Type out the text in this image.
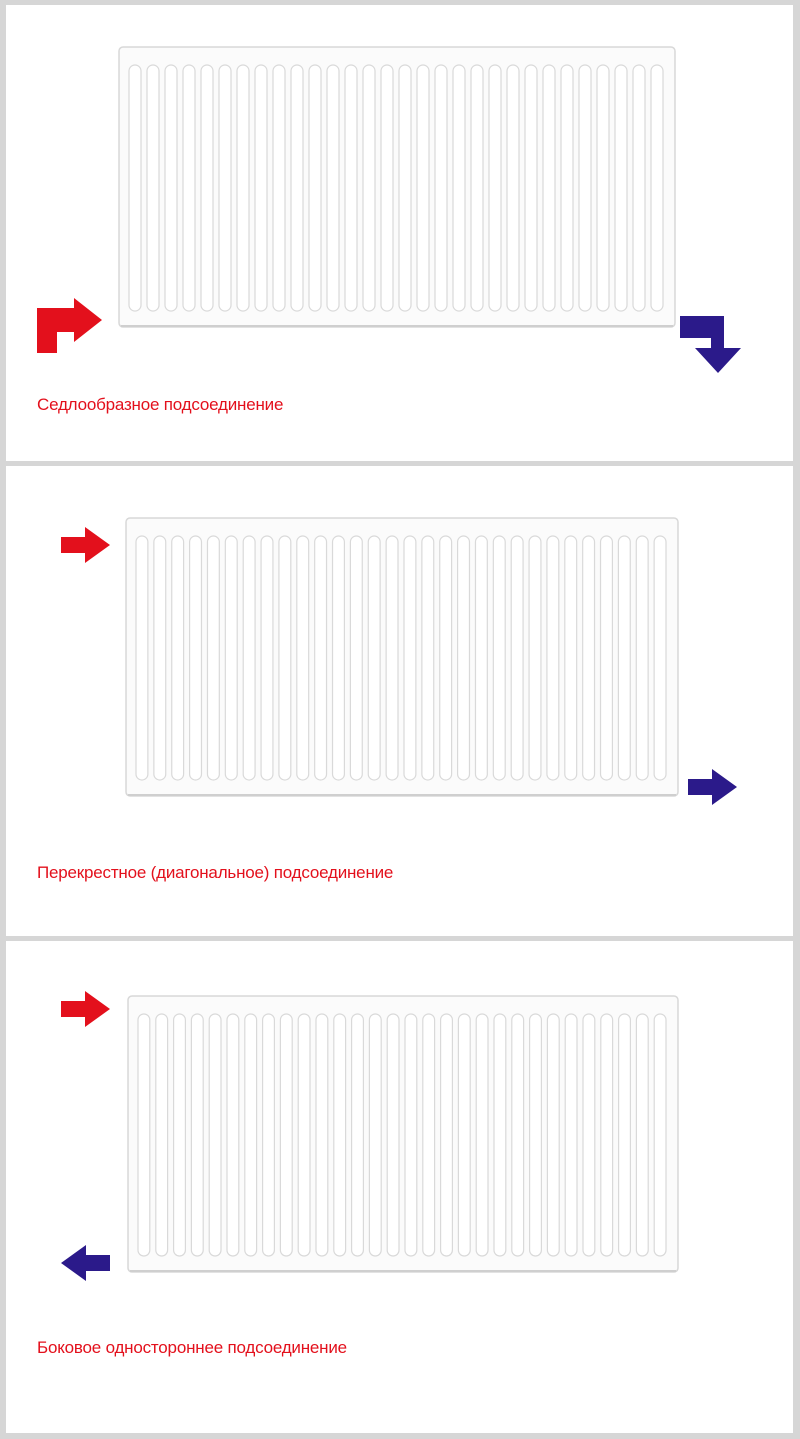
Седлообразное подсоединение
Перекрестное (диагональное) подсоединение
Боковое одностороннее подсоединение
